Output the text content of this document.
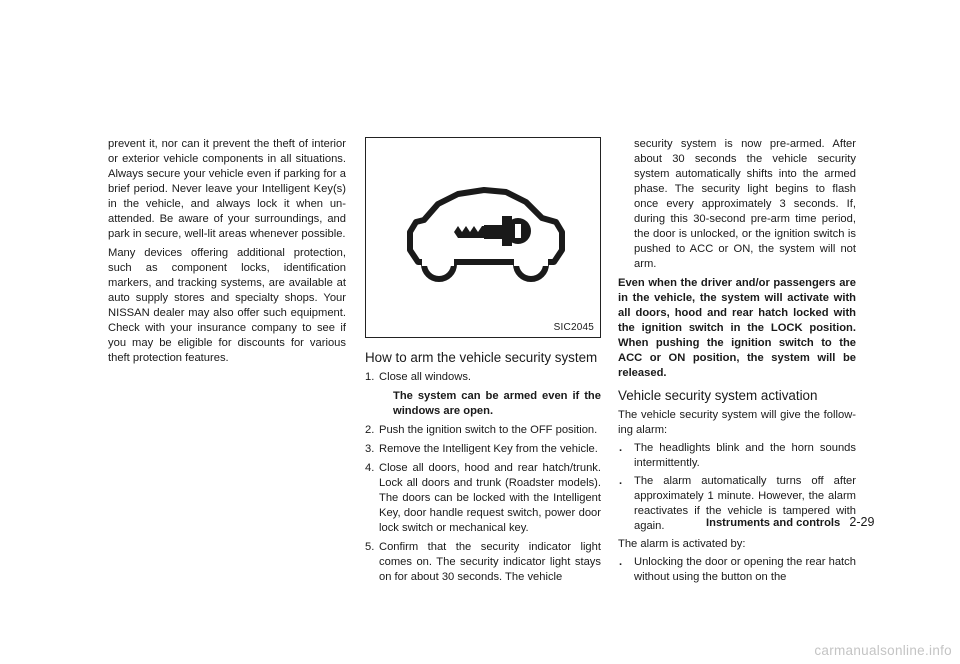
prevent it, nor can it prevent the theft of interior or exterior vehicle components in all situations. Always secure your vehicle even if parking for a brief period. Never leave your Intelligent Key(s) in the vehicle, and always lock it when un-attended. Be aware of your surroundings, and park in secure, well-lit areas whenever possible.

Many devices offering additional protection, such as component locks, identification markers, and tracking systems, are available at auto supply stores and specialty shops. Your NISSAN dealer may also offer such equipment. Check with your insurance company to see if you may be eligible for discounts for various theft protection features.

SIC2045
How to arm the vehicle security system
1. Close all windows.
The system can be armed even if the windows are open.
2. Push the ignition switch to the OFF position.
3. Remove the Intelligent Key from the vehicle.
4. Close all doors, hood and rear hatch/trunk. Lock all doors and trunk (Roadster models). The doors can be locked with the Intelligent Key, door handle request switch, power door lock switch or mechanical key.
5. Confirm that the security indicator light comes on. The security indicator light stays on for about 30 seconds. The vehicle

security system is now pre-armed. After about 30 seconds the vehicle security system automatically shifts into the armed phase. The security light begins to flash once every approximately 3 seconds. If, during this 30-second pre-arm time period, the door is unlocked, or the ignition switch is pushed to ACC or ON, the system will not arm.

Even when the driver and/or passengers are in the vehicle, the system will activate with all doors, hood and rear hatch locked with the ignition switch in the LOCK position. When pushing the ignition switch to the ACC or ON position, the system will be released.

Vehicle security system activation

The vehicle security system will give the follow-ing alarm:

. The headlights blink and the horn sounds intermittently.
. The alarm automatically turns off after approximately 1 minute. However, the alarm reactivates if the vehicle is tampered with again.

The alarm is activated by:

. Unlocking the door or opening the rear hatch without using the button on the
Instruments and controls 2-29
carmanualsonline.info
